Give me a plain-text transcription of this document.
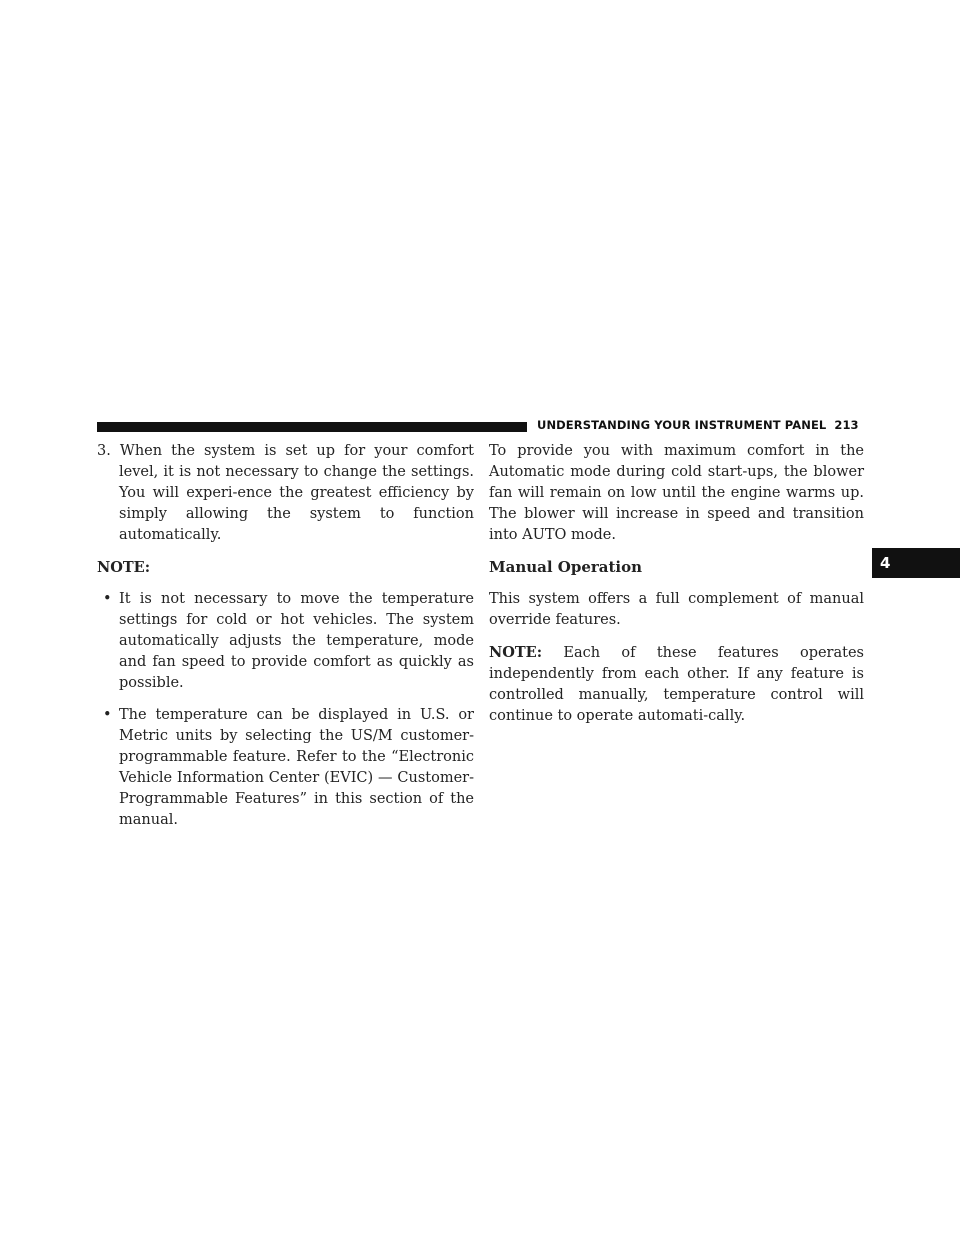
UNDERSTANDING YOUR INSTRUMENT PANEL 213
4

3. When the system is set up for your comfort level, it is not necessary to change the settings. You will experi-ence the greatest efficiency by simply allowing the system to function automatically.

NOTE:

• It is not necessary to move the temperature settings for cold or hot vehicles. The system automatically adjusts the temperature, mode and fan speed to provide comfort as quickly as possible.

• The temperature can be displayed in U.S. or Metric units by selecting the US/M customer-programmable feature. Refer to the “Electronic Vehicle Information Center (EVIC) — Customer-Programmable Features” in this section of the manual.

To provide you with maximum comfort in the Automatic mode during cold start-ups, the blower fan will remain on low until the engine warms up. The blower will increase in speed and transition into AUTO mode.

Manual Operation

This system offers a full complement of manual override features.

NOTE: Each of these features operates independently from each other. If any feature is controlled manually, temperature control will continue to operate automati-cally.
